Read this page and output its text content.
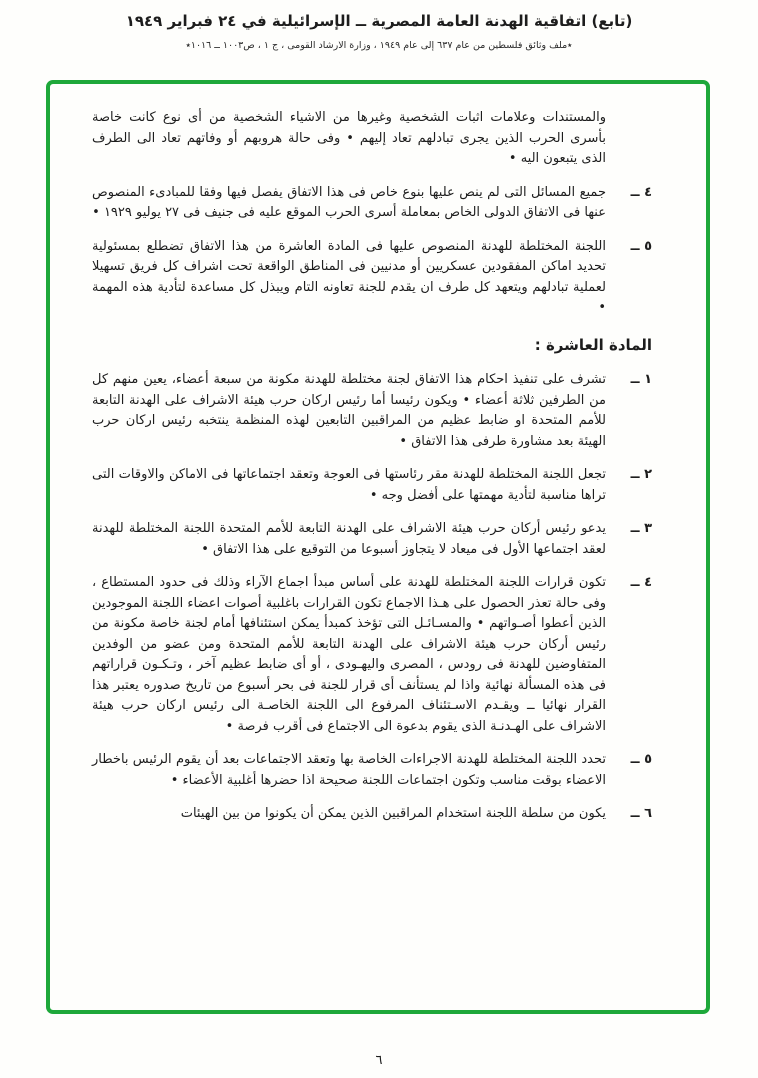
(تابع) اتفاقية الهدنة العامة المصرية ــ الإسرائيلية في ٢٤ فبراير ١٩٤٩
٭ملف وثائق فلسطين من عام ٦٣٧ إلى عام ١٩٤٩ ، وزارة الارشاد القومى ، ج ١ ، ص١٠٠٣ ــ ١٠١٦٭

والمستندات وعلامات اثبات الشخصية وغيرها من الاشياء الشخصية من أى نوع كانت خاصة بأسرى الحرب الذين يجرى تبادلهم تعاد إليهم • وفى حالة هروبهم أو وفاتهم تعاد الى الطرف الذى يتبعون اليه •

٤ ــ

جميع المسائل التى لم ينص عليها بنوع خاص فى هذا الاتفاق يفصل فيها وفقا للمبادىء المنصوص عنها فى الاتفاق الدولى الخاص بمعاملة أسرى الحرب الموقع عليه فى جنيف فى ٢٧ يوليو ١٩٢٩ •

٥ ــ

اللجنة المختلطة للهدنة المنصوص عليها فى المادة العاشرة من هذا الاتفاق تضطلع بمسئولية تحديد اماكن المفقودين عسكريين أو مدنيين فى المناطق الواقعة تحت اشراف كل فريق تسهيلا لعملية تبادلهم ويتعهد كل طرف ان يقدم للجنة تعاونه التام ويبذل كل مساعدة لتأدية هذه المهمة •

المادة العاشرة :
١ ــ

تشرف على تنفيذ احكام هذا الاتفاق لجنة مختلطة للهدنة مكونة من سبعة أعضاء، يعين منهم كل من الطرفين ثلاثة أعضاء • ويكون رئيسا أما رئيس اركان حرب هيئة الاشراف على الهدنة التابعة للأمم المتحدة او ضابط عظيم من المراقبين التابعين لهذه المنظمة ينتخبه رئيس اركان حرب الهيئة بعد مشاورة طرفى هذا الاتفاق •

٢ ــ

تجعل اللجنة المختلطة للهدنة مقر رئاستها فى العوجة وتعقد اجتماعاتها فى الاماكن والاوقات التى تراها مناسبة لتأدية مهمتها على أفضل وجه •

٣ ــ

يدعو رئيس أركان حرب هيئة الاشراف على الهدنة التابعة للأمم المتحدة اللجنة المختلطة للهدنة لعقد اجتماعها الأول فى ميعاد لا يتجاوز أسبوعا من التوقيع على هذا الاتفاق •

٤ ــ

تكون قرارات اللجنة المختلطة للهدنة على أساس مبدأ اجماع الآراء وذلك فى حدود المستطاع ، وفى حالة تعذر الحصول على هـذا الاجماع تكون القرارات باغلبية أصوات اعضاء اللجنة الموجودين الذين أعطوا أصـواتهم • والمسـائـل التى تؤخذ كمبدأ يمكن استئنافها أمام لجنة خاصة مكونة من رئيس أركان حرب هيئة الاشراف على الهدنة التابعة للأمم المتحدة ومن عضو من الوفدين المتفاوضين للهدنة فى رودس ، المصرى واليهـودى ، أو أى ضابط عظيم آخر ، وتـكـون قراراتهم فى هذه المسألة نهائية واذا لم يستأنف أى قرار للجنة فى بحر أسبوع من تاريخ صدوره يعتبر هذا القرار نهائيا ــ ويقـدم الاسـتئناف المرفوع الى اللجنة الخاصـة الى رئيس اركان حرب هيئة الاشراف على الهـدنـة الذى يقوم بدعوة الى الاجتماع فى أقرب فرصة •

٥ ــ

تحدد اللجنة المختلطة للهدنة الاجراءات الخاصة بها وتعقد الاجتماعات بعد أن يقوم الرئيس باخطار الاعضاء بوقت مناسب وتكون اجتماعات اللجنة صحيحة اذا حضرها أغلبية الأعضاء •

٦ ــ

يكون من سلطة اللجنة استخدام المراقبين الذين يمكن أن يكونوا من بين الهيئات

٦
